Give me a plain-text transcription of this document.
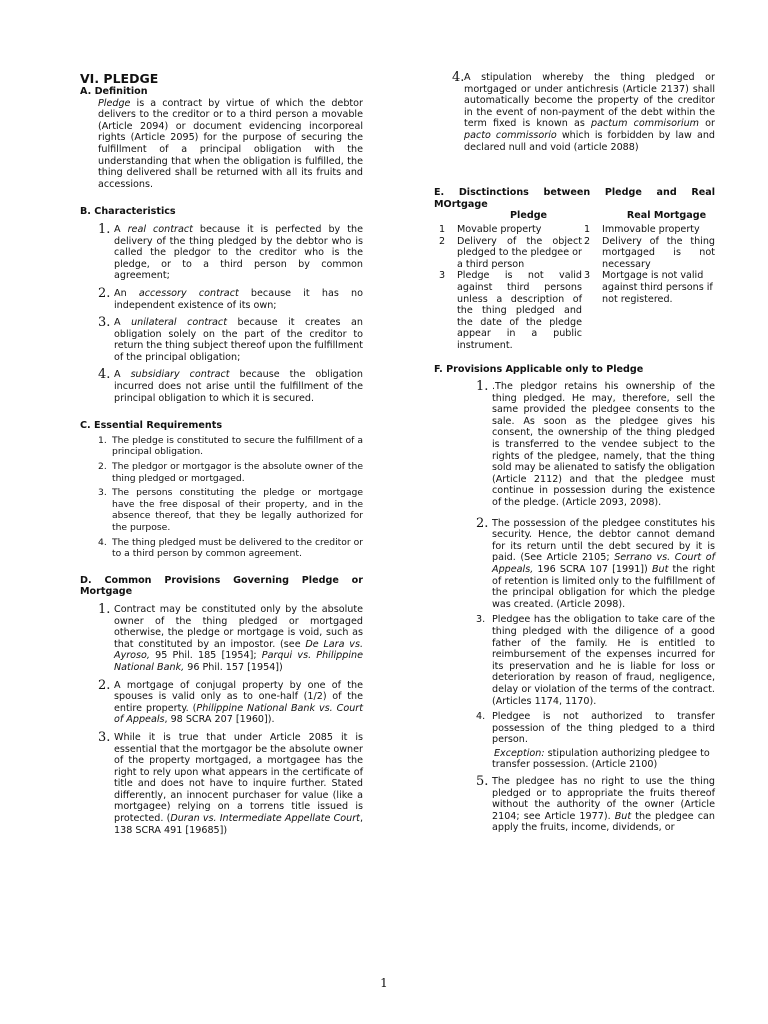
VI. PLEDGE
A. Definition
Pledge is a contract by virtue of which the debtor delivers to the creditor or to a third person a movable (Article 2094) or document evidencing incorporeal rights (Article 2095) for the purpose of securing the fulfillment of a principal obligation with the understanding that when the obligation is fulfilled, the thing delivered shall be returned with all its fruits and accessions.
B. Characteristics
1. A real contract because it is perfected by the delivery of the thing pledged by the debtor who is called the pledgor to the creditor who is the pledge, or to a third person by common agreement;
2. An accessory contract because it has no independent existence of its own;
3. A unilateral contract because it creates an obligation solely on the part of the creditor to return the thing subject thereof upon the fulfillment of the principal obligation;
4. A subsidiary contract because the obligation incurred does not arise until the fulfillment of the principal obligation to which it is secured.
C. Essential Requirements
1. The pledge is constituted to secure the fulfillment of a principal obligation.
2. The pledgor or mortgagor is the absolute owner of the thing pledged or mortgaged.
3. The persons constituting the pledge or mortgage have the free disposal of their property, and in the absence thereof, that they be legally authorized for the purpose.
4. The thing pledged must be delivered to the creditor or to a third person by common agreement.
D. Common Provisions Governing Pledge or Mortgage
1. Contract may be constituted only by the absolute owner of the thing pledged or mortgaged otherwise, the pledge or mortgage is void, such as that constituted by an impostor. (see De Lara vs. Ayroso, 95 Phil. 185 [1954]; Parqui vs. Philippine National Bank, 96 Phil. 157 [1954])
2. A mortgage of conjugal property by one of the spouses is valid only as to one-half (1/2) of the entire property. (Philippine National Bank vs. Court of Appeals, 98 SCRA 207 [1960]).
3. While it is true that under Article 2085 it is essential that the mortgagor be the absolute owner of the property mortgaged, a mortgagee has the right to rely upon what appears in the certificate of title and does not have to inquire further. Stated differently, an innocent purchaser for value (like a mortgagee) relying on a torrens title issued is protected. (Duran vs. Intermediate Appellate Court, 138 SCRA 491 [19685])
4. A stipulation whereby the thing pledged or mortgaged or under antichresis (Article 2137) shall automatically become the property of the creditor in the event of non-payment of the debt within the term fixed is known as pactum commisorium or pacto commissorio which is forbidden by law and declared null and void (article 2088)
E. Disctinctions between Pledge and Real MOrtgage
Pledge	Real Mortgage
1 Movable property	1 Immovable property
2 Delivery of the object pledged to the pledgee or a third person
2 Delivery of the thing mortgaged is not necessary
3 Pledge is not valid against third persons unless a description of the thing pledged and the date of the pledge appear in a public instrument.
3 Mortgage is not valid against third persons if not registered.
F. Provisions Applicable only to Pledge
1. .The pledgor retains his ownership of the thing pledged. He may, therefore, sell the same provided the pledgee consents to the sale. As soon as the pledgee gives his consent, the ownership of the thing pledged is transferred to the vendee subject to the rights of the pledgee, namely, that the thing sold may be alienated to satisfy the obligation (Article 2112) and that the pledgee must continue in possession during the existence of the pledge. (Article 2093, 2098).
2. The possession of the pledgee constitutes his security. Hence, the debtor cannot demand for its return until the debt secured by it is paid. (See Article 2105; Serrano vs. Court of Appeals, 196 SCRA 107 [1991]) But the right of retention is limited only to the fulfillment of the principal obligation for which the pledge was created. (Article 2098).
3. Pledgee has the obligation to take care of the thing pledged with the diligence of a good father of the family. He is entitled to reimbursement of the expenses incurred for its preservation and he is liable for loss or deterioration by reason of fraud, negligence, delay or violation of the terms of the contract. (Articles 1174, 1170).
4. Pledgee is not authorized to transfer possession of the thing pledged to a third person.
Exception: stipulation authorizing pledgee to transfer possession. (Article 2100)
5. The pledgee has no right to use the thing pledged or to appropriate the fruits thereof without the authority of the owner (Article 2104; see Article 1977). But the pledgee can apply the fruits, income, dividends, or
1
